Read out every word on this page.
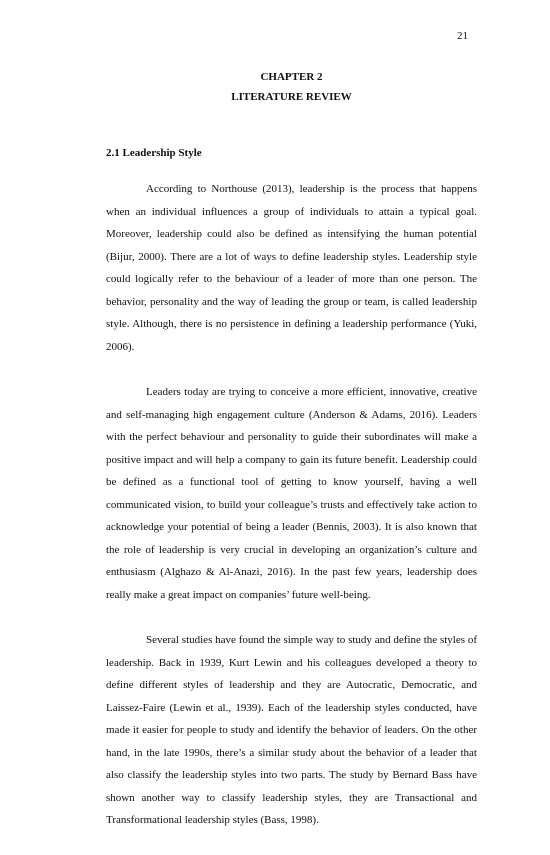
21
CHAPTER 2
LITERATURE REVIEW
2.1 Leadership Style

According to Northouse (2013), leadership is the process that happens when an individual influences a group of individuals to attain a typical goal. Moreover, leadership could also be defined as intensifying the human potential (Bijur, 2000). There are a lot of ways to define leadership styles. Leadership style could logically refer to the behaviour of a leader of more than one person. The behavior, personality and the way of leading the group or team, is called leadership style. Although, there is no persistence in defining a leadership performance (Yuki, 2006).

Leaders today are trying to conceive a more efficient, innovative, creative and self-managing high engagement culture (Anderson & Adams, 2016). Leaders with the perfect behaviour and personality to guide their subordinates will make a positive impact and will help a company to gain its future benefit. Leadership could be defined as a functional tool of getting to know yourself, having a well communicated vision, to build your colleague’s trusts and effectively take action to acknowledge your potential of being a leader (Bennis, 2003). It is also known that the role of leadership is very crucial in developing an organization’s culture and enthusiasm (Alghazo & Al-Anazi, 2016). In the past few years, leadership does really make a great impact on companies’ future well-being.

Several studies have found the simple way to study and define the styles of leadership. Back in 1939, Kurt Lewin and his colleagues developed a theory to define different styles of leadership and they are Autocratic, Democratic, and Laissez-Faire (Lewin et al., 1939). Each of the leadership styles conducted, have made it easier for people to study and identify the behavior of leaders. On the other hand, in the late 1990s, there’s a similar study about the behavior of a leader that also classify the leadership styles into two parts. The study by Bernard Bass have shown another way to classify leadership styles, they are Transactional and Transformational leadership styles (Bass, 1998).
